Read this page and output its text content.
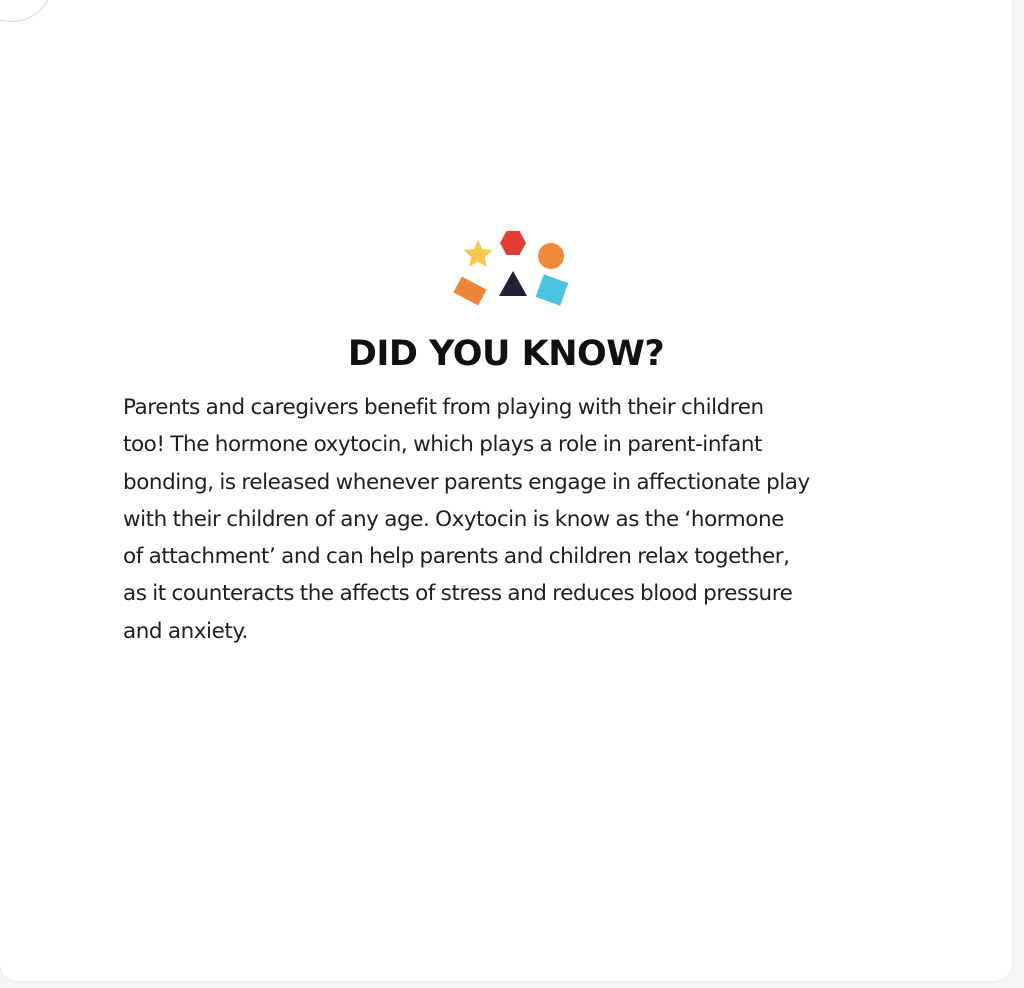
DID YOU KNOW?

Parents and caregivers benefit from playing with their children
too! The hormone oxytocin, which plays a role in parent-infant
bonding, is released whenever parents engage in affectionate play
with their children of any age. Oxytocin is know as the ‘hormone
of attachment’ and can help parents and children relax together,
as it counteracts the affects of stress and reduces blood pressure
and anxiety.
